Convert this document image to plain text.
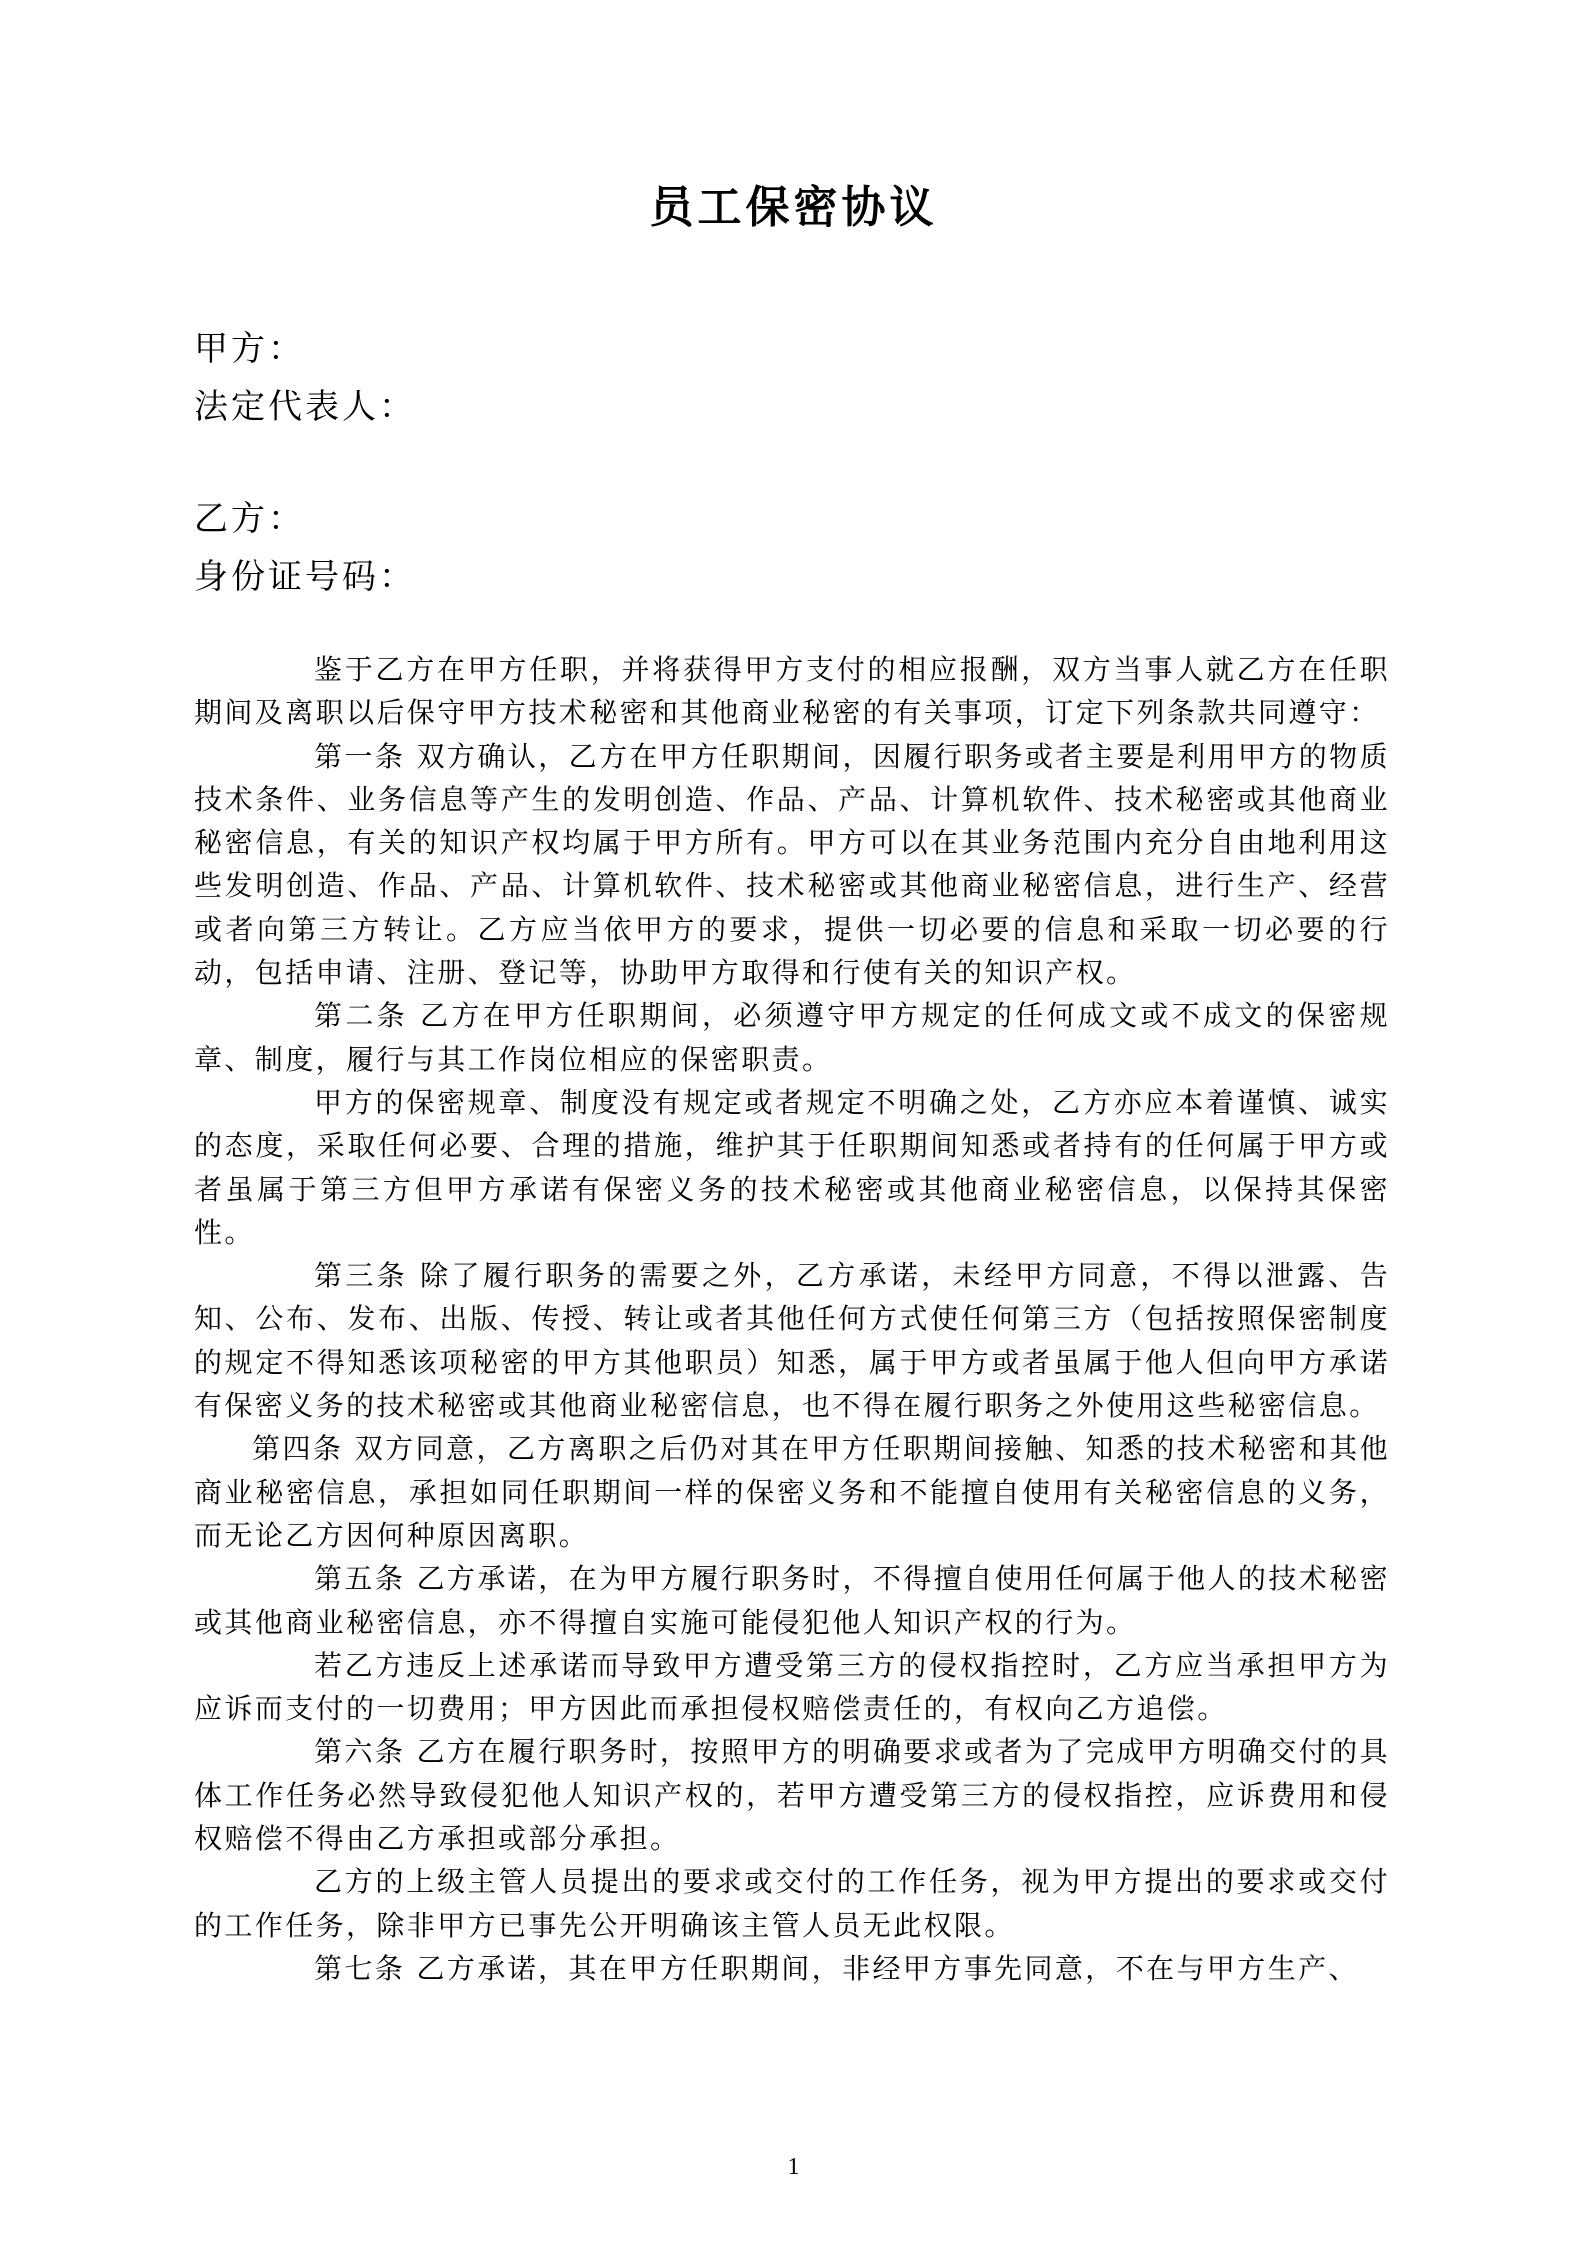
员工保密协议
甲方：
法定代表人：
乙方：
身份证号码：

鉴于乙方在甲方任职，并将获得甲方支付的相应报酬，双方当事人就乙方在任职期间及离职以后保守甲方技术秘密和其他商业秘密的有关事项，订定下列条款共同遵守：

第一条 双方确认，乙方在甲方任职期间，因履行职务或者主要是利用甲方的物质技术条件、业务信息等产生的发明创造、作品、产品、计算机软件、技术秘密或其他商业秘密信息，有关的知识产权均属于甲方所有。甲方可以在其业务范围内充分自由地利用这些发明创造、作品、产品、计算机软件、技术秘密或其他商业秘密信息，进行生产、经营或者向第三方转让。乙方应当依甲方的要求，提供一切必要的信息和采取一切必要的行动，包括申请、注册、登记等，协助甲方取得和行使有关的知识产权。

第二条 乙方在甲方任职期间，必须遵守甲方规定的任何成文或不成文的保密规章、制度，履行与其工作岗位相应的保密职责。

甲方的保密规章、制度没有规定或者规定不明确之处，乙方亦应本着谨慎、诚实的态度，采取任何必要、合理的措施，维护其于任职期间知悉或者持有的任何属于甲方或者虽属于第三方但甲方承诺有保密义务的技术秘密或其他商业秘密信息，以保持其保密性。

第三条 除了履行职务的需要之外，乙方承诺，未经甲方同意，不得以泄露、告知、公布、发布、出版、传授、转让或者其他任何方式使任何第三方（包括按照保密制度的规定不得知悉该项秘密的甲方其他职员）知悉，属于甲方或者虽属于他人但向甲方承诺有保密义务的技术秘密或其他商业秘密信息，也不得在履行职务之外使用这些秘密信息。

第四条 双方同意，乙方离职之后仍对其在甲方任职期间接触、知悉的技术秘密和其他商业秘密信息，承担如同任职期间一样的保密义务和不能擅自使用有关秘密信息的义务，而无论乙方因何种原因离职。

第五条 乙方承诺，在为甲方履行职务时，不得擅自使用任何属于他人的技术秘密或其他商业秘密信息，亦不得擅自实施可能侵犯他人知识产权的行为。

若乙方违反上述承诺而导致甲方遭受第三方的侵权指控时，乙方应当承担甲方为应诉而支付的一切费用；甲方因此而承担侵权赔偿责任的，有权向乙方追偿。

第六条 乙方在履行职务时，按照甲方的明确要求或者为了完成甲方明确交付的具体工作任务必然导致侵犯他人知识产权的，若甲方遭受第三方的侵权指控，应诉费用和侵权赔偿不得由乙方承担或部分承担。

乙方的上级主管人员提出的要求或交付的工作任务，视为甲方提出的要求或交付的工作任务，除非甲方已事先公开明确该主管人员无此权限。

第七条 乙方承诺，其在甲方任职期间，非经甲方事先同意，不在与甲方生产、

1
